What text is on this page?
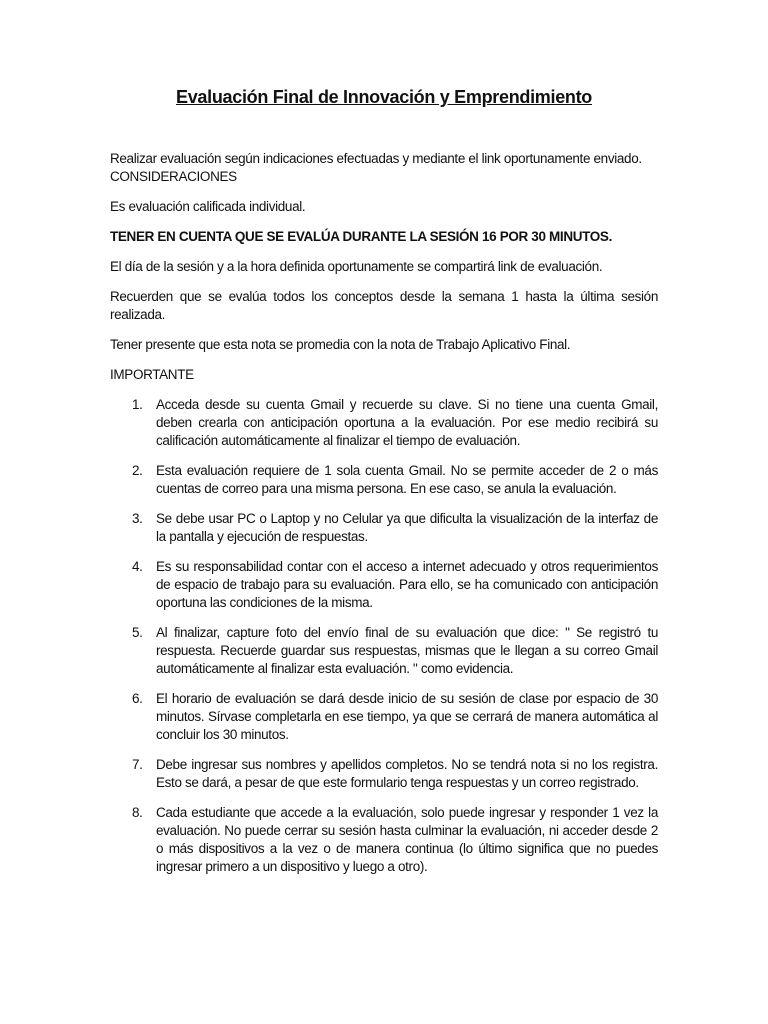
Evaluación Final de Innovación y Emprendimiento

Realizar evaluación según indicaciones efectuadas y mediante el link oportunamente enviado.

CONSIDERACIONES

Es evaluación calificada individual.

TENER EN CUENTA QUE SE EVALÚA DURANTE LA SESIÓN 16 POR 30 MINUTOS.

El día de la sesión y a la hora definida oportunamente se compartirá link de evaluación.

Recuerden que se evalúa todos los conceptos desde la semana 1 hasta la última sesión realizada.

Tener presente que esta nota se promedia con la nota de Trabajo Aplicativo Final.

IMPORTANTE

1. Acceda desde su cuenta Gmail y recuerde su clave. Si no tiene una cuenta Gmail, deben crearla con anticipación oportuna a la evaluación. Por ese medio recibirá su calificación automáticamente al finalizar el tiempo de evaluación.
2. Esta evaluación requiere de 1 sola cuenta Gmail. No se permite acceder de 2 o más cuentas de correo para una misma persona. En ese caso, se anula la evaluación.
3. Se debe usar PC o Laptop y no Celular ya que dificulta la visualización de la interfaz de la pantalla y ejecución de respuestas.
4. Es su responsabilidad contar con el acceso a internet adecuado y otros requerimientos de espacio de trabajo para su evaluación. Para ello, se ha comunicado con anticipación oportuna las condiciones de la misma.
5. Al finalizar, capture foto del envío final de su evaluación que dice: " Se registró tu respuesta. Recuerde guardar sus respuestas, mismas que le llegan a su correo Gmail automáticamente al finalizar esta evaluación. " como evidencia.
6. El horario de evaluación se dará desde inicio de su sesión de clase por espacio de 30 minutos. Sírvase completarla en ese tiempo, ya que se cerrará de manera automática al concluir los 30 minutos.
7. Debe ingresar sus nombres y apellidos completos. No se tendrá nota si no los registra. Esto se dará, a pesar de que este formulario tenga respuestas y un correo registrado.
8. Cada estudiante que accede a la evaluación, solo puede ingresar y responder 1 vez la evaluación. No puede cerrar su sesión hasta culminar la evaluación, ni acceder desde 2 o más dispositivos a la vez o de manera continua (lo último significa que no puedes ingresar primero a un dispositivo y luego a otro).
